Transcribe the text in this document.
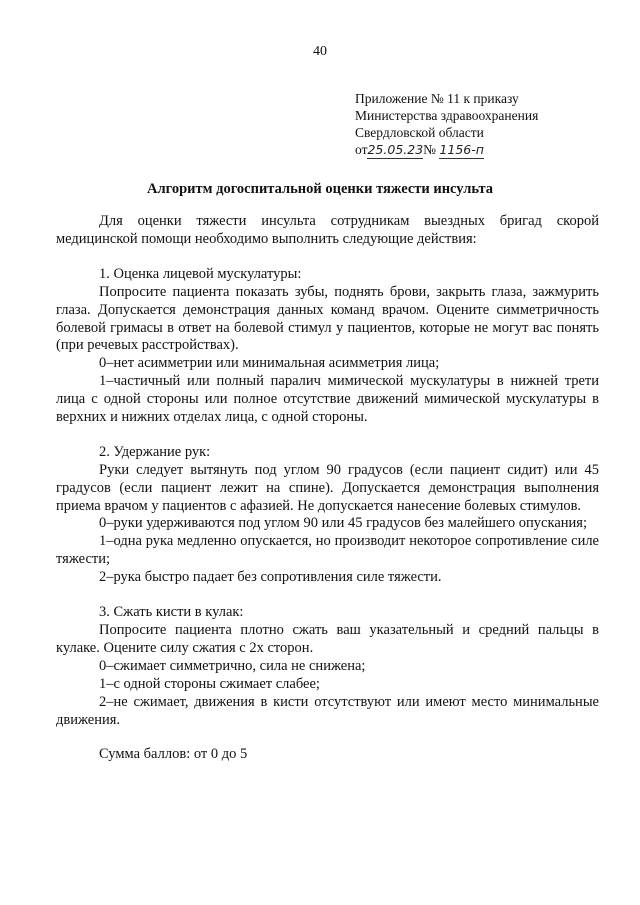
40
Приложение № 11 к приказу
Министерства здравоохранения
Свердловской области
от25.05.23№ 1156-п
Алгоритм догоспитальной оценки тяжести инсульта
Для оценки тяжести инсульта сотрудникам выездных бригад скорой медицинской помощи необходимо выполнить следующие действия:
1. Оценка лицевой мускулатуры:
Попросите пациента показать зубы, поднять брови, закрыть глаза, зажмурить глаза. Допускается демонстрация данных команд врачом. Оцените симметричность болевой гримасы в ответ на болевой стимул у пациентов, которые не могут вас понять (при речевых расстройствах).
0–нет асимметрии или минимальная асимметрия лица;
1–частичный или полный паралич мимической мускулатуры в нижней трети лица с одной стороны или полное отсутствие движений мимической мускулатуры в верхних и нижних отделах лица, с одной стороны.
2. Удержание рук:
Руки следует вытянуть под углом 90 градусов (если пациент сидит) или 45 градусов (если пациент лежит на спине). Допускается демонстрация выполнения приема врачом у пациентов с афазией. Не допускается нанесение болевых стимулов.
0–руки удерживаются под углом 90 или 45 градусов без малейшего опускания;
1–одна рука медленно опускается, но производит некоторое сопротивление силе тяжести;
2–рука быстро падает без сопротивления силе тяжести.
3. Сжать кисти в кулак:
Попросите пациента плотно сжать ваш указательный и средний пальцы в кулаке. Оцените силу сжатия с 2х сторон.
0–сжимает симметрично, сила не снижена;
1–с одной стороны сжимает слабее;
2–не сжимает, движения в кисти отсутствуют или имеют место минимальные движения.
Сумма баллов: от 0 до 5
